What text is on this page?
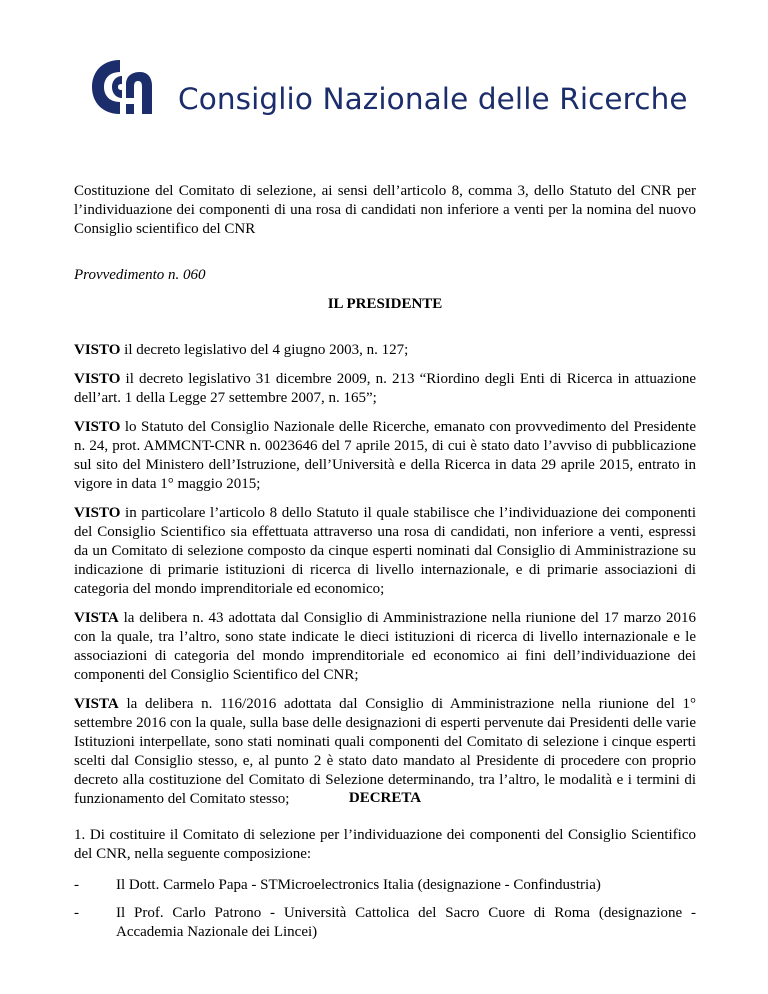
Consiglio Nazionale delle Ricerche

Costituzione del Comitato di selezione, ai sensi dell’articolo 8, comma 3, dello Statuto del CNR per l’individuazione dei componenti di una rosa di candidati non inferiore a venti per la nomina del nuovo Consiglio scientifico del CNR

Provvedimento n. 060
IL PRESIDENTE

VISTO il decreto legislativo del 4 giugno 2003, n. 127;

VISTO il decreto legislativo 31 dicembre 2009, n. 213 “Riordino degli Enti di Ricerca in attuazione dell’art. 1 della Legge 27 settembre 2007, n. 165”;

VISTO lo Statuto del Consiglio Nazionale delle Ricerche, emanato con provvedimento del Presidente n. 24, prot. AMMCNT-CNR n. 0023646 del 7 aprile 2015, di cui è stato dato l’avviso di pubblicazione sul sito del Ministero dell’Istruzione, dell’Università e della Ricerca in data 29 aprile 2015, entrato in vigore in data 1° maggio 2015;

VISTO in particolare l’articolo 8 dello Statuto il quale stabilisce che l’individuazione dei componenti del Consiglio Scientifico sia effettuata attraverso una rosa di candidati, non inferiore a venti, espressi da un Comitato di selezione composto da cinque esperti nominati dal Consiglio di Amministrazione su indicazione di primarie istituzioni di ricerca di livello internazionale, e di primarie associazioni di categoria del mondo imprenditoriale ed economico;

VISTA la delibera n. 43 adottata dal Consiglio di Amministrazione nella riunione del 17 marzo 2016 con la quale, tra l’altro, sono state indicate le dieci istituzioni di ricerca di livello internazionale e le associazioni di categoria del mondo imprenditoriale ed economico ai fini dell’individuazione dei componenti del Consiglio Scientifico del CNR;

VISTA la delibera n. 116/2016 adottata dal Consiglio di Amministrazione nella riunione del 1° settembre 2016 con la quale, sulla base delle designazioni di esperti pervenute dai Presidenti delle varie Istituzioni interpellate, sono stati nominati quali componenti del Comitato di selezione i cinque esperti scelti dal Consiglio stesso, e, al punto 2 è stato dato mandato al Presidente di procedere con proprio decreto alla costituzione del Comitato di Selezione determinando, tra l’altro, le modalità e i termini di funzionamento del Comitato stesso;	DECRETA

1. Di costituire il Comitato di selezione per l’individuazione dei componenti del Consiglio Scientifico del CNR, nella seguente composizione:

- Il Dott. Carmelo Papa - STMicroelectronics Italia (designazione - Confindustria)
- Il Prof. Carlo Patrono - Università Cattolica del Sacro Cuore di Roma (designazione - Accademia Nazionale dei Lincei)
